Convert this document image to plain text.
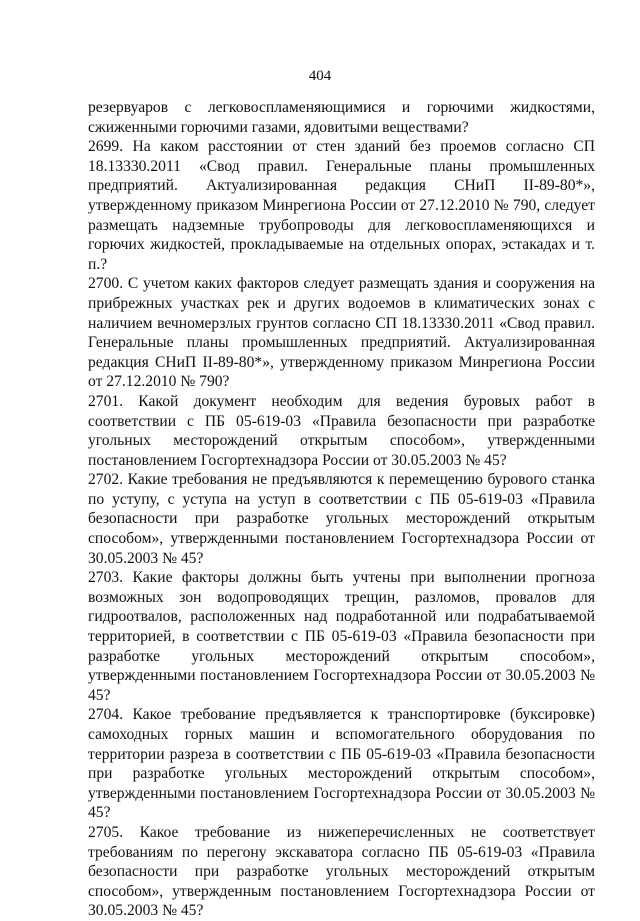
404

резервуаров с легковоспламеняющимися и горючими жидкостями, сжиженными горючими газами, ядовитыми веществами?

2699. На каком расстоянии от стен зданий без проемов согласно СП 18.13330.2011 «Свод правил. Генеральные планы промышленных предприятий. Актуализированная редакция СНиП II-89-80*», утвержденному приказом Минрегиона России от 27.12.2010 № 790, следует размещать надземные трубопроводы для легковоспламеняющихся и горючих жидкостей, прокладываемые на отдельных опорах, эстакадах и т. п.?

2700. С учетом каких факторов следует размещать здания и сооружения на прибрежных участках рек и других водоемов в климатических зонах с наличием вечномерзлых грунтов согласно СП 18.13330.2011 «Свод правил. Генеральные планы промышленных предприятий. Актуализированная редакция СНиП II-89-80*», утвержденному приказом Минрегиона России от 27.12.2010 № 790?

2701. Какой документ необходим для ведения буровых работ в соответствии с ПБ 05-619-03 «Правила безопасности при разработке угольных месторождений открытым способом», утвержденными постановлением Госгортехнадзора России от 30.05.2003 № 45?

2702. Какие требования не предъявляются к перемещению бурового станка по уступу, с уступа на уступ в соответствии с ПБ 05-619-03 «Правила безопасности при разработке угольных месторождений открытым способом», утвержденными постановлением Госгортехнадзора России от 30.05.2003 № 45?

2703. Какие факторы должны быть учтены при выполнении прогноза возможных зон водопроводящих трещин, разломов, провалов для гидроотвалов, расположенных над подработанной или подрабатываемой территорией, в соответствии с ПБ 05-619-03 «Правила безопасности при разработке угольных месторождений открытым способом», утвержденными постановлением Госгортехнадзора России от 30.05.2003 № 45?

2704. Какое требование предъявляется к транспортировке (буксировке) самоходных горных машин и вспомогательного оборудования по территории разреза в соответствии с ПБ 05-619-03 «Правила безопасности при разработке угольных месторождений открытым способом», утвержденными постановлением Госгортехнадзора России от 30.05.2003 № 45?

2705. Какое требование из нижеперечисленных не соответствует требованиям по перегону экскаватора согласно ПБ 05-619-03 «Правила безопасности при разработке угольных месторождений открытым способом», утвержденным постановлением Госгортехнадзора России от 30.05.2003 № 45?
